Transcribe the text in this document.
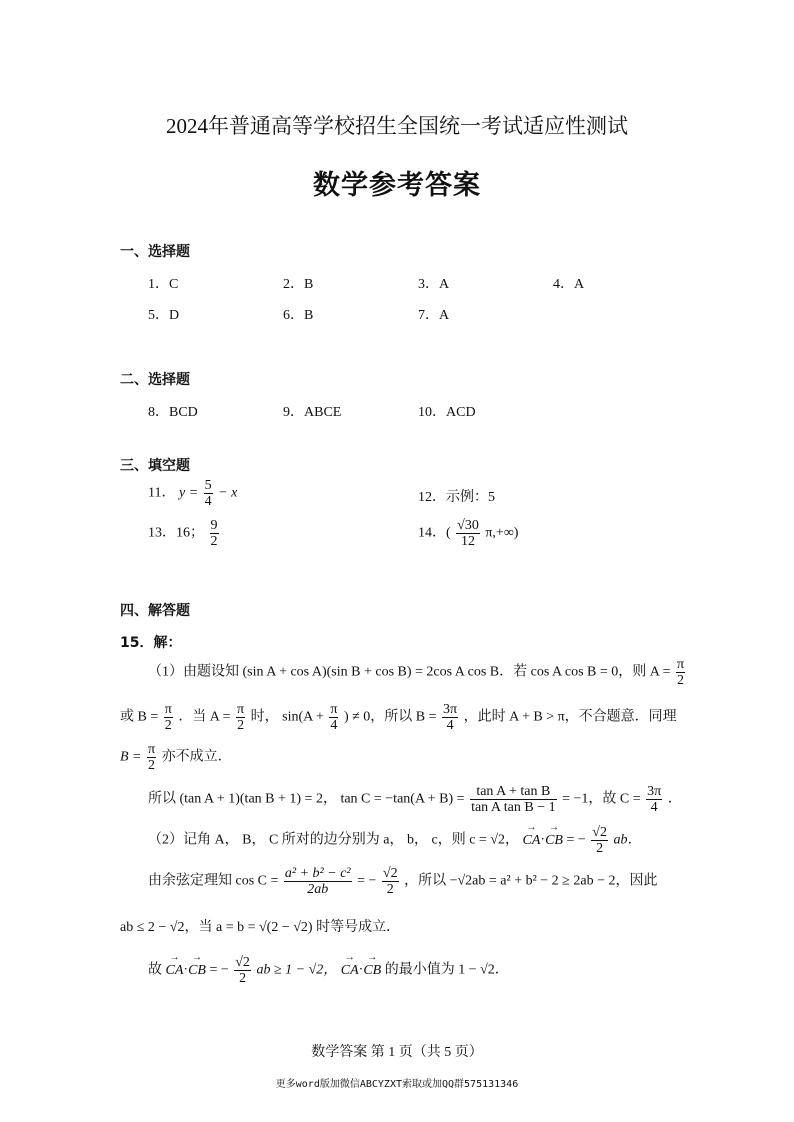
2024年普通高等学校招生全国统一考试适应性测试
数学参考答案
一、选择题
1．C	2．B	3．A	4．A
5．D	6．B	7．A
二、选择题
8．BCD	9．ABCE	10．ACD
三、填空题
11． $y = \frac{5}{4} - x$	12．示例：5
13．16； $\frac{9}{2}$	14．( $\frac{√30}{12} \pi,+\infty$)
四、解答题
15．解：
（1）由题设知 (sin A + cos A)(sin B + cos B) = 2cos A cos B．若 cos A cos B = 0，则 $A = \frac{\pi}{2}$
或 $B = \frac{\pi}{2}$ ．当 $A = \frac{\pi}{2}$ 时， $\sin(A + \frac{\pi}{4}$ ) ≠ 0，所以 $B = \frac{3\pi}{4}$ ，此时 A + B > π，不合题意．同理
$B = \frac{\pi}{2}$ 亦不成立．
所以 (tan A + 1)(tan B + 1) = 2， $\tan C = -\tan(A + B) = \frac{\text{tan A + tan B}}{\text{tan A tan B − 1}} = -1$，故 $C = \frac{3\pi}{4}$ ．
（2）记角 A， B， C 所对的边分别为 a， b， c，则 c = √2， → CA·→ CB = − $\frac{√2}{2}$ ab．
由余弦定理知 $\cos C = \frac{\text{a² + b² − c²}}{2ab}$ = − $\frac{√2}{2}$ ，所以 −√2ab = a² + b² − 2 ≥ 2ab − 2，因此
ab ≤ 2 − √2，当 a = b = √(2 − √2) 时等号成立．
故 → CA·→ CB = − $\frac{√2}{2}$ ab ≥ 1 − √2， → CA·→ CB 的最小值为 1 − √2．
数学答案 第 1 页（共 5 页）
更多word版加微信ABCYZXT索取或加QQ群575131346
